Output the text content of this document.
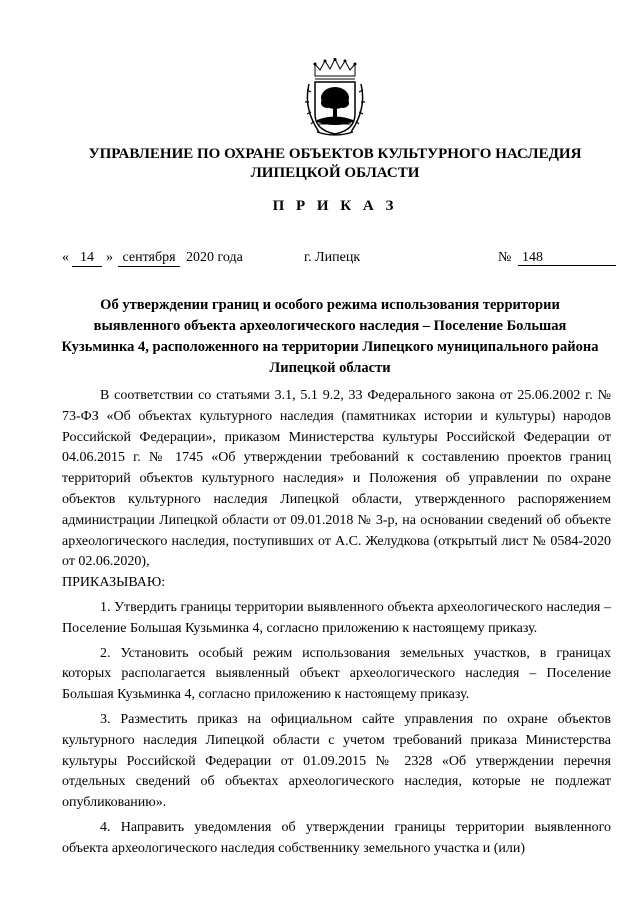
УПРАВЛЕНИЕ ПО ОХРАНЕ ОБЪЕКТОВ КУЛЬТУРНОГО НАСЛЕДИЯ
ЛИПЕЦКОЙ ОБЛАСТИ
П Р И К А З
« 14 » сентября 2020 года	г. Липецк	№ 148
Об утверждении границ и особого режима использования территории выявленного объекта археологического наследия – Поселение Большая Кузьминка 4, расположенного на территории Липецкого муниципального района Липецкой области

В соответствии со статьями 3.1, 5.1 9.2, 33 Федерального закона от 25.06.2002 г. № 73-ФЗ «Об объектах культурного наследия (памятниках истории и культуры) народов Российской Федерации», приказом Министерства культуры Российской Федерации от 04.06.2015 г. № 1745 «Об утверждении требований к составлению проектов границ территорий объектов культурного наследия» и Положения об управлении по охране объектов культурного наследия Липецкой области, утвержденного распоряжением администрации Липецкой области от 09.01.2018 № 3-р, на основании сведений об объекте археологического наследия, поступивших от А.С. Желудкова (открытый лист № 0584-2020 от 02.06.2020),

ПРИКАЗЫВАЮ:

1. Утвердить границы территории выявленного объекта археологического наследия – Поселение Большая Кузьминка 4, согласно приложению к настоящему приказу.

2. Установить особый режим использования земельных участков, в границах которых располагается выявленный объект археологического наследия – Поселение Большая Кузьминка 4, согласно приложению к настоящему приказу.

3. Разместить приказ на официальном сайте управления по охране объектов культурного наследия Липецкой области с учетом требований приказа Министерства культуры Российской Федерации от 01.09.2015 № 2328 «Об утверждении перечня отдельных сведений об объектах археологического наследия, которые не подлежат опубликованию».

4. Направить уведомления об утверждении границы территории выявленного объекта археологического наследия собственнику земельного участка и (или)
